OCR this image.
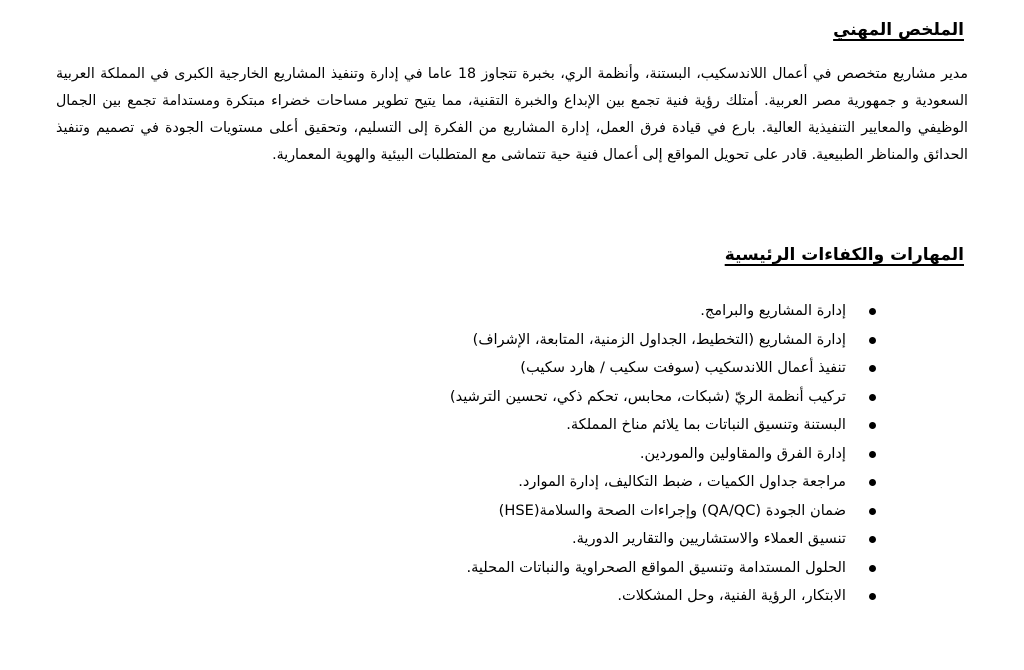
الملخص المهني

مدير مشاريع متخصص في أعمال اللاندسكيب، البستنة، وأنظمة الري، بخبرة تتجاوز 18 عاما في إدارة وتنفيذ المشاريع الخارجية الكبرى في المملكة العربية السعودية و جمهورية مصر العربية. أمتلك رؤية فنية تجمع بين الإبداع والخبرة التقنية، مما يتيح تطوير مساحات خضراء مبتكرة ومستدامة تجمع بين الجمال الوظيفي والمعايير التنفيذية العالية. بارع في قيادة فرق العمل، إدارة المشاريع من الفكرة إلى التسليم، وتحقيق أعلى مستويات الجودة في تصميم وتنفيذ الحدائق والمناظر الطبيعية. قادر على تحويل المواقع إلى أعمال فنية حية تتماشى مع المتطلبات البيئية والهوية المعمارية.

المهارات والكفاءات الرئيسية
إدارة المشاريع والبرامج.
إدارة المشاريع (التخطيط، الجداول الزمنية، المتابعة، الإشراف)
تنفيذ أعمال اللاندسكيب (سوفت سكيب / هارد سكيب)
تركيب أنظمة الريّ (شبكات، محابس، تحكم ذكي، تحسين الترشيد)
البستنة وتنسيق النباتات بما يلائم مناخ المملكة.
إدارة الفرق والمقاولين والموردين.
مراجعة جداول الكميات ، ضبط التكاليف، إدارة الموارد.
ضمان الجودة (QA/QC) وإجراءات الصحة والسلامة(HSE)
تنسيق العملاء والاستشاريين والتقارير الدورية.
الحلول المستدامة وتنسيق المواقع الصحراوية والنباتات المحلية.
الابتكار، الرؤية الفنية، وحل المشكلات.
